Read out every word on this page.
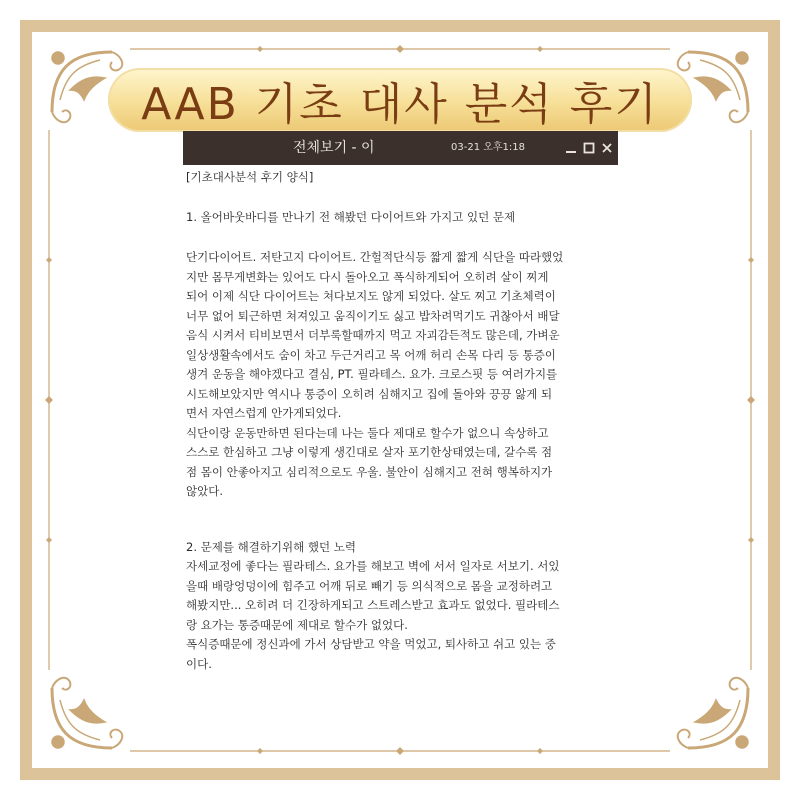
AAB 기초 대사 분석 후기
전체보기 - 이	03-21 오후1:18

[기초대사분석 후기 양식]

1. 올어바웃바디를 만나기 전 해봤던 다이어트와 가지고 있던 문제

단기다이어트. 저탄고지 다이어트. 간헐적단식등 짧게 짧게 식단을 따라했었

지만 몸무게변화는 있어도 다시 돌아오고 폭식하게되어 오히려 살이 찌게

되어 이제 식단 다이어트는 쳐다보지도 않게 되었다. 살도 찌고 기초체력이

너무 없어 퇴근하면 쳐져있고 움직이기도 싫고 밥차려먹기도 귀찮아서 배달

음식 시켜서 티비보면서 더부룩할때까지 먹고 자괴감든적도 많은데, 가벼운

일상생활속에서도 숨이 차고 두근거리고 목 어깨 허리 손목 다리 등 통증이

생겨 운동을 해야겠다고 결심, PT. 필라테스. 요가. 크로스핏 등 여러가지를

시도해보았지만 역시나 통증이 오히려 심해지고 집에 돌아와 끙끙 앓게 되

면서 자연스럽게 안가게되었다.

식단이랑 운동만하면 된다는데 나는 둘다 제대로 할수가 없으니 속상하고

스스로 한심하고 그냥 이렇게 생긴대로 살자 포기한상태였는데, 갈수록 점

점 몸이 안좋아지고 심리적으로도 우울. 불안이 심해지고 전혀 행복하지가

않았다.

2. 문제를 해결하기위해 했던 노력

자세교정에 좋다는 필라테스. 요가를 해보고 벽에 서서 일자로 서보기. 서있

을때 배랑엉덩이에 힘주고 어깨 뒤로 빼기 등 의식적으로 몸을 교정하려고

해봤지만... 오히려 더 긴장하게되고 스트레스받고 효과도 없었다. 필라테스

랑 요가는 통증때문에 제대로 할수가 없었다.

폭식증때문에 정신과에 가서 상담받고 약을 먹었고, 퇴사하고 쉬고 있는 중

이다.
